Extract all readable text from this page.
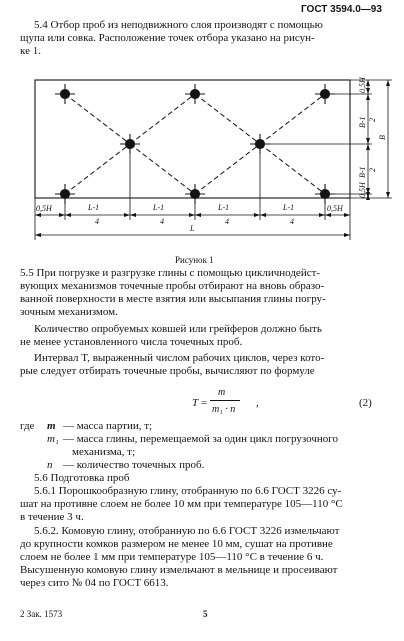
ГОСТ 3594.0—93
5.4 Отбор проб из неподвижного слоя производят с помощью
щупа или совка. Расположение точек отбора указано на рисун-
ке 1.
0,5H	0,5H
L-1
4
L-1
4
L-1
4
L-1
4
L
0,5H
B-1 2
B-1 2
0,5H
B
Рисунок 1
5.5 При погрузке и разгрузке глины с помощью цикличнодейст-
вующих механизмов точечные пробы отбирают на вновь образо-
ванной поверхности в месте взятия или высыпания глины погру-
зочным механизмом.
Количество опробуемых ковшей или грейферов должно быть
не менее установленного числа точечных проб.
Интервал T, выраженный числом рабочих циклов, через кото-
рые следует отбирать точечные пробы, вычисляют по формуле
T =
m
m₁ · n
,	(2)
где m — масса партии, т;
m₁ — масса глины, перемещаемой за один цикл погрузочного
механизма, т;
n — количество точечных проб.
5.6 Подготовка проб
5.6.1 Порошкообразную глину, отобранную по 6.6 ГОСТ 3226 су-
шат на противне слоем не более 10 мм при температуре 105—110 °С
в течение 3 ч.
5.6.2. Комовую глину, отобранную по 6.6 ГОСТ 3226 измельчают
до крупности комков размером не менее 10 мм, сушат на противне
слоем не более 1 мм при температуре 105—110 °С в течение 6 ч.
Высушенную комовую глину измельчают в мельнице и просеивают
через сито № 04 по ГОСТ 6613.
2 Зак. 1573	5
